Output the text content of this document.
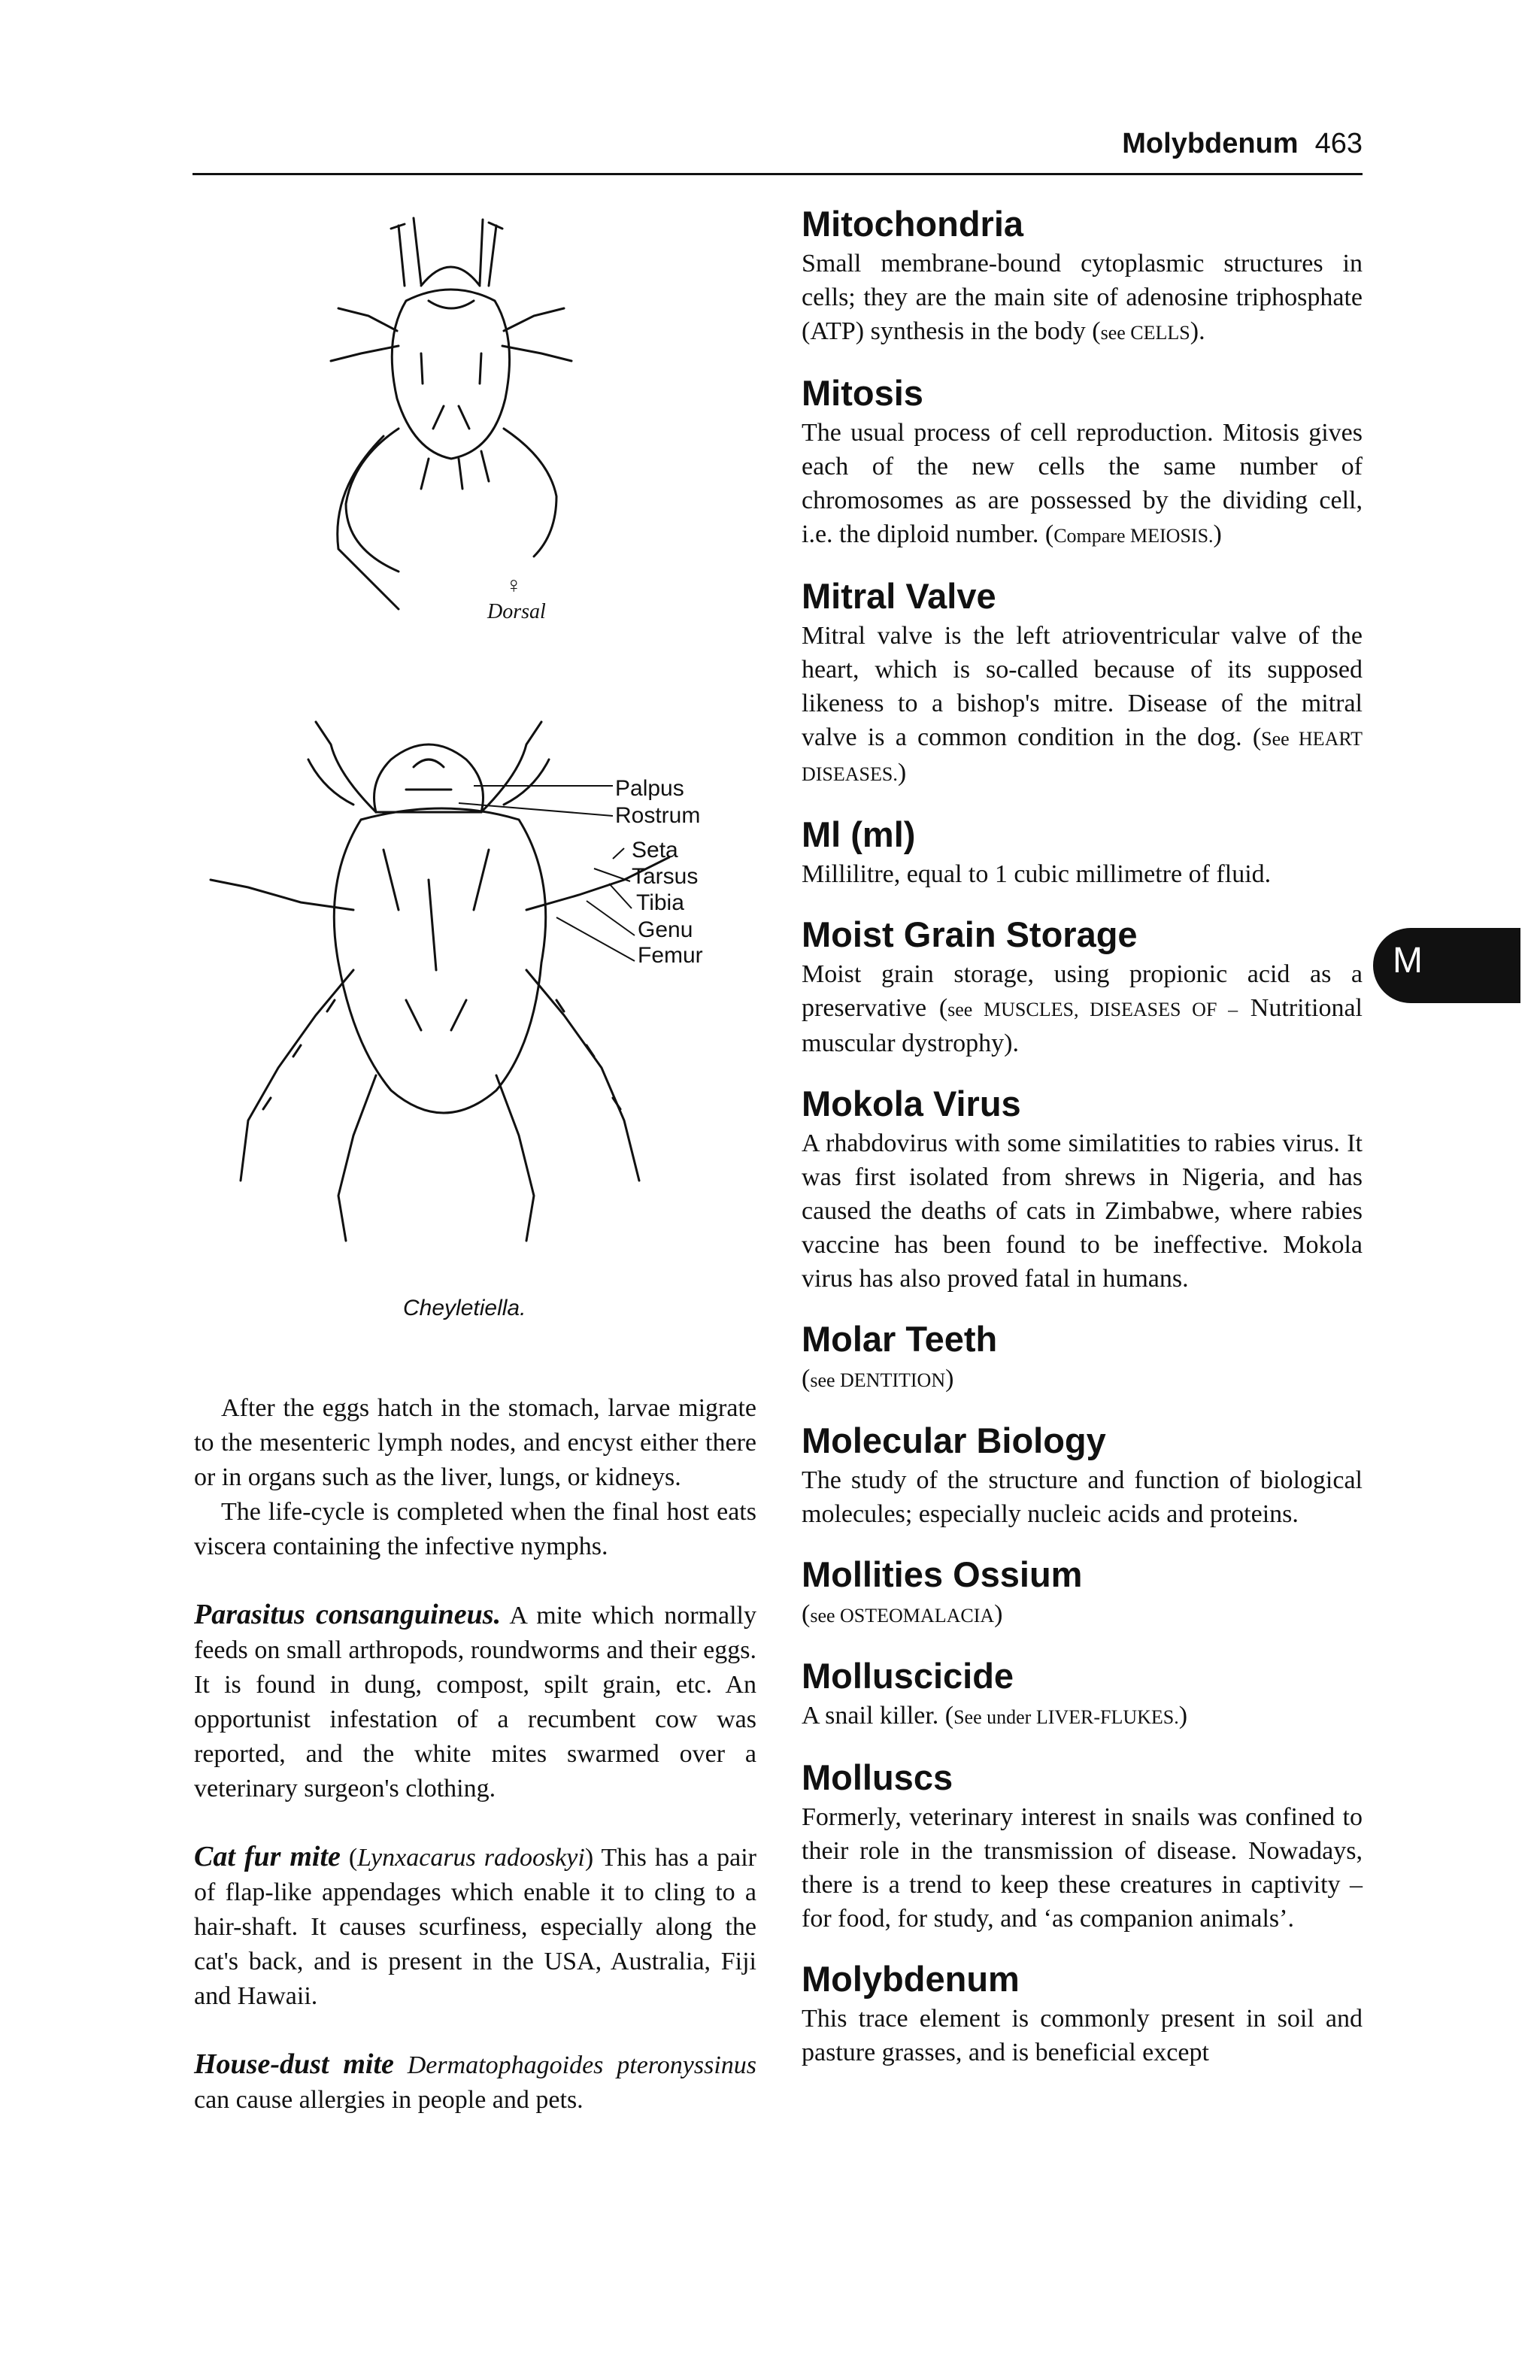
Molybdenum 463
M
♀
Dorsal
Palpus
Rostrum
Seta
Tarsus
Tibia
Genu
Femur
Cheyletiella.

After the eggs hatch in the stomach, larvae migrate to the mesenteric lymph nodes, and encyst either there or in organs such as the liver, lungs, or kidneys.

The life-cycle is completed when the final host eats viscera containing the infective nymphs.

Parasitus consanguineus. A mite which normally feeds on small arthropods, roundworms and their eggs. It is found in dung, compost, spilt grain, etc. An opportunist infestation of a recumbent cow was reported, and the white mites swarmed over a veterinary surgeon's clothing.

Cat fur mite (Lynxacarus radooskyi) This has a pair of flap-like appendages which enable it to cling to a hair-shaft. It causes scurfiness, especially along the cat's back, and is present in the USA, Australia, Fiji and Hawaii.

House-dust mite Dermatophagoides pteronyssinus can cause allergies in people and pets.

Mitochondria
Small membrane-bound cytoplasmic structures in cells; they are the main site of adenosine triphosphate (ATP) synthesis in the body (see CELLS).
Mitosis
The usual process of cell reproduction. Mitosis gives each of the new cells the same number of chromosomes as are possessed by the dividing cell, i.e. the diploid number. (Compare MEIOSIS.)
Mitral Valve
Mitral valve is the left atrioventricular valve of the heart, which is so-called because of its supposed likeness to a bishop's mitre. Disease of the mitral valve is a common condition in the dog. (See HEART DISEASES.)
Ml (ml)
Millilitre, equal to 1 cubic millimetre of fluid.
Moist Grain Storage
Moist grain storage, using propionic acid as a preservative (see MUSCLES, DISEASES OF – Nutritional muscular dystrophy).
Mokola Virus
A rhabdovirus with some similatities to rabies virus. It was first isolated from shrews in Nigeria, and has caused the deaths of cats in Zimbabwe, where rabies vaccine has been found to be ineffective. Mokola virus has also proved fatal in humans.
Molar Teeth
(see DENTITION)
Molecular Biology
The study of the structure and function of biological molecules; especially nucleic acids and proteins.
Mollities Ossium
(see OSTEOMALACIA)
Molluscicide
A snail killer. (See under LIVER-FLUKES.)
Molluscs
Formerly, veterinary interest in snails was confined to their role in the transmission of disease. Nowadays, there is a trend to keep these creatures in captivity – for food, for study, and ‘as companion animals’.
Molybdenum
This trace element is commonly present in soil and pasture grasses, and is beneficial except
